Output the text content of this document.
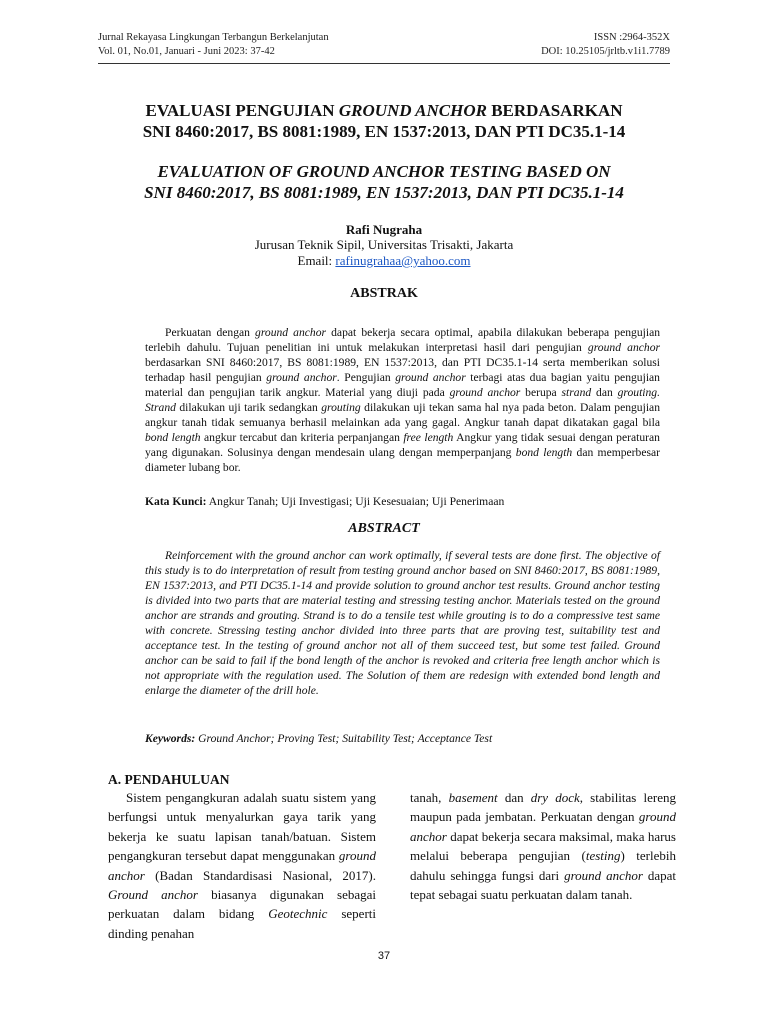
Jurnal Rekayasa Lingkungan Terbangun Berkelanjutan
Vol. 01, No.01, Januari - Juni 2023: 37-42
ISSN :2964-352X
DOI: 10.25105/jrltb.v1i1.7789
EVALUASI PENGUJIAN GROUND ANCHOR BERDASARKAN
SNI 8460:2017, BS 8081:1989, EN 1537:2013, DAN PTI DC35.1-14
EVALUATION OF GROUND ANCHOR TESTING BASED ON
SNI 8460:2017, BS 8081:1989, EN 1537:2013, DAN PTI DC35.1-14
Rafi Nugraha
Jurusan Teknik Sipil, Universitas Trisakti, Jakarta
Email: rafinugrahaa@yahoo.com
ABSTRAK

Perkuatan dengan ground anchor dapat bekerja secara optimal, apabila dilakukan beberapa pengujian terlebih dahulu. Tujuan penelitian ini untuk melakukan interpretasi hasil dari pengujian ground anchor berdasarkan SNI 8460:2017, BS 8081:1989, EN 1537:2013, dan PTI DC35.1-14 serta memberikan solusi terhadap hasil pengujian ground anchor. Pengujian ground anchor terbagi atas dua bagian yaitu pengujian material dan pengujian tarik angkur. Material yang diuji pada ground anchor berupa strand dan grouting. Strand dilakukan uji tarik sedangkan grouting dilakukan uji tekan sama hal nya pada beton. Dalam pengujian angkur tanah tidak semuanya berhasil melainkan ada yang gagal. Angkur tanah dapat dikatakan gagal bila bond length angkur tercabut dan kriteria perpanjangan free length Angkur yang tidak sesuai dengan peraturan yang digunakan. Solusinya dengan mendesain ulang dengan memperpanjang bond length dan memperbesar diameter lubang bor.

Kata Kunci: Angkur Tanah; Uji Investigasi; Uji Kesesuaian; Uji Penerimaan
ABSTRACT

Reinforcement with the ground anchor can work optimally, if several tests are done first. The objective of this study is to do interpretation of result from testing ground anchor based on SNI 8460:2017, BS 8081:1989, EN 1537:2013, and PTI DC35.1-14 and provide solution to ground anchor test results. Ground anchor testing is divided into two parts that are material testing and stressing testing anchor. Materials tested on the ground anchor are strands and grouting. Strand is to do a tensile test while grouting is to do a compressive test same with concrete. Stressing testing anchor divided into three parts that are proving test, suitability test and acceptance test. In the testing of ground anchor not all of them succeed test, but some test failed. Ground anchor can be said to fail if the bond length of the anchor is revoked and criteria free length anchor which is not appropriate with the regulation used. The Solution of them are redesign with extended bond length and enlarge the diameter of the drill hole.

Keywords: Ground Anchor; Proving Test; Suitability Test; Acceptance Test
A. PENDAHULUAN

Sistem pengangkuran adalah suatu sistem yang berfungsi untuk menyalurkan gaya tarik yang bekerja ke suatu lapisan tanah/batuan. Sistem pengangkuran tersebut dapat menggunakan ground anchor (Badan Standardisasi Nasional, 2017). Ground anchor biasanya digunakan sebagai perkuatan dalam bidang Geotechnic seperti dinding penahan

tanah, basement dan dry dock, stabilitas lereng maupun pada jembatan. Perkuatan dengan ground anchor dapat bekerja secara maksimal, maka harus melalui beberapa pengujian (testing) terlebih dahulu sehingga fungsi dari ground anchor dapat tepat sebagai suatu perkuatan dalam tanah.

37
